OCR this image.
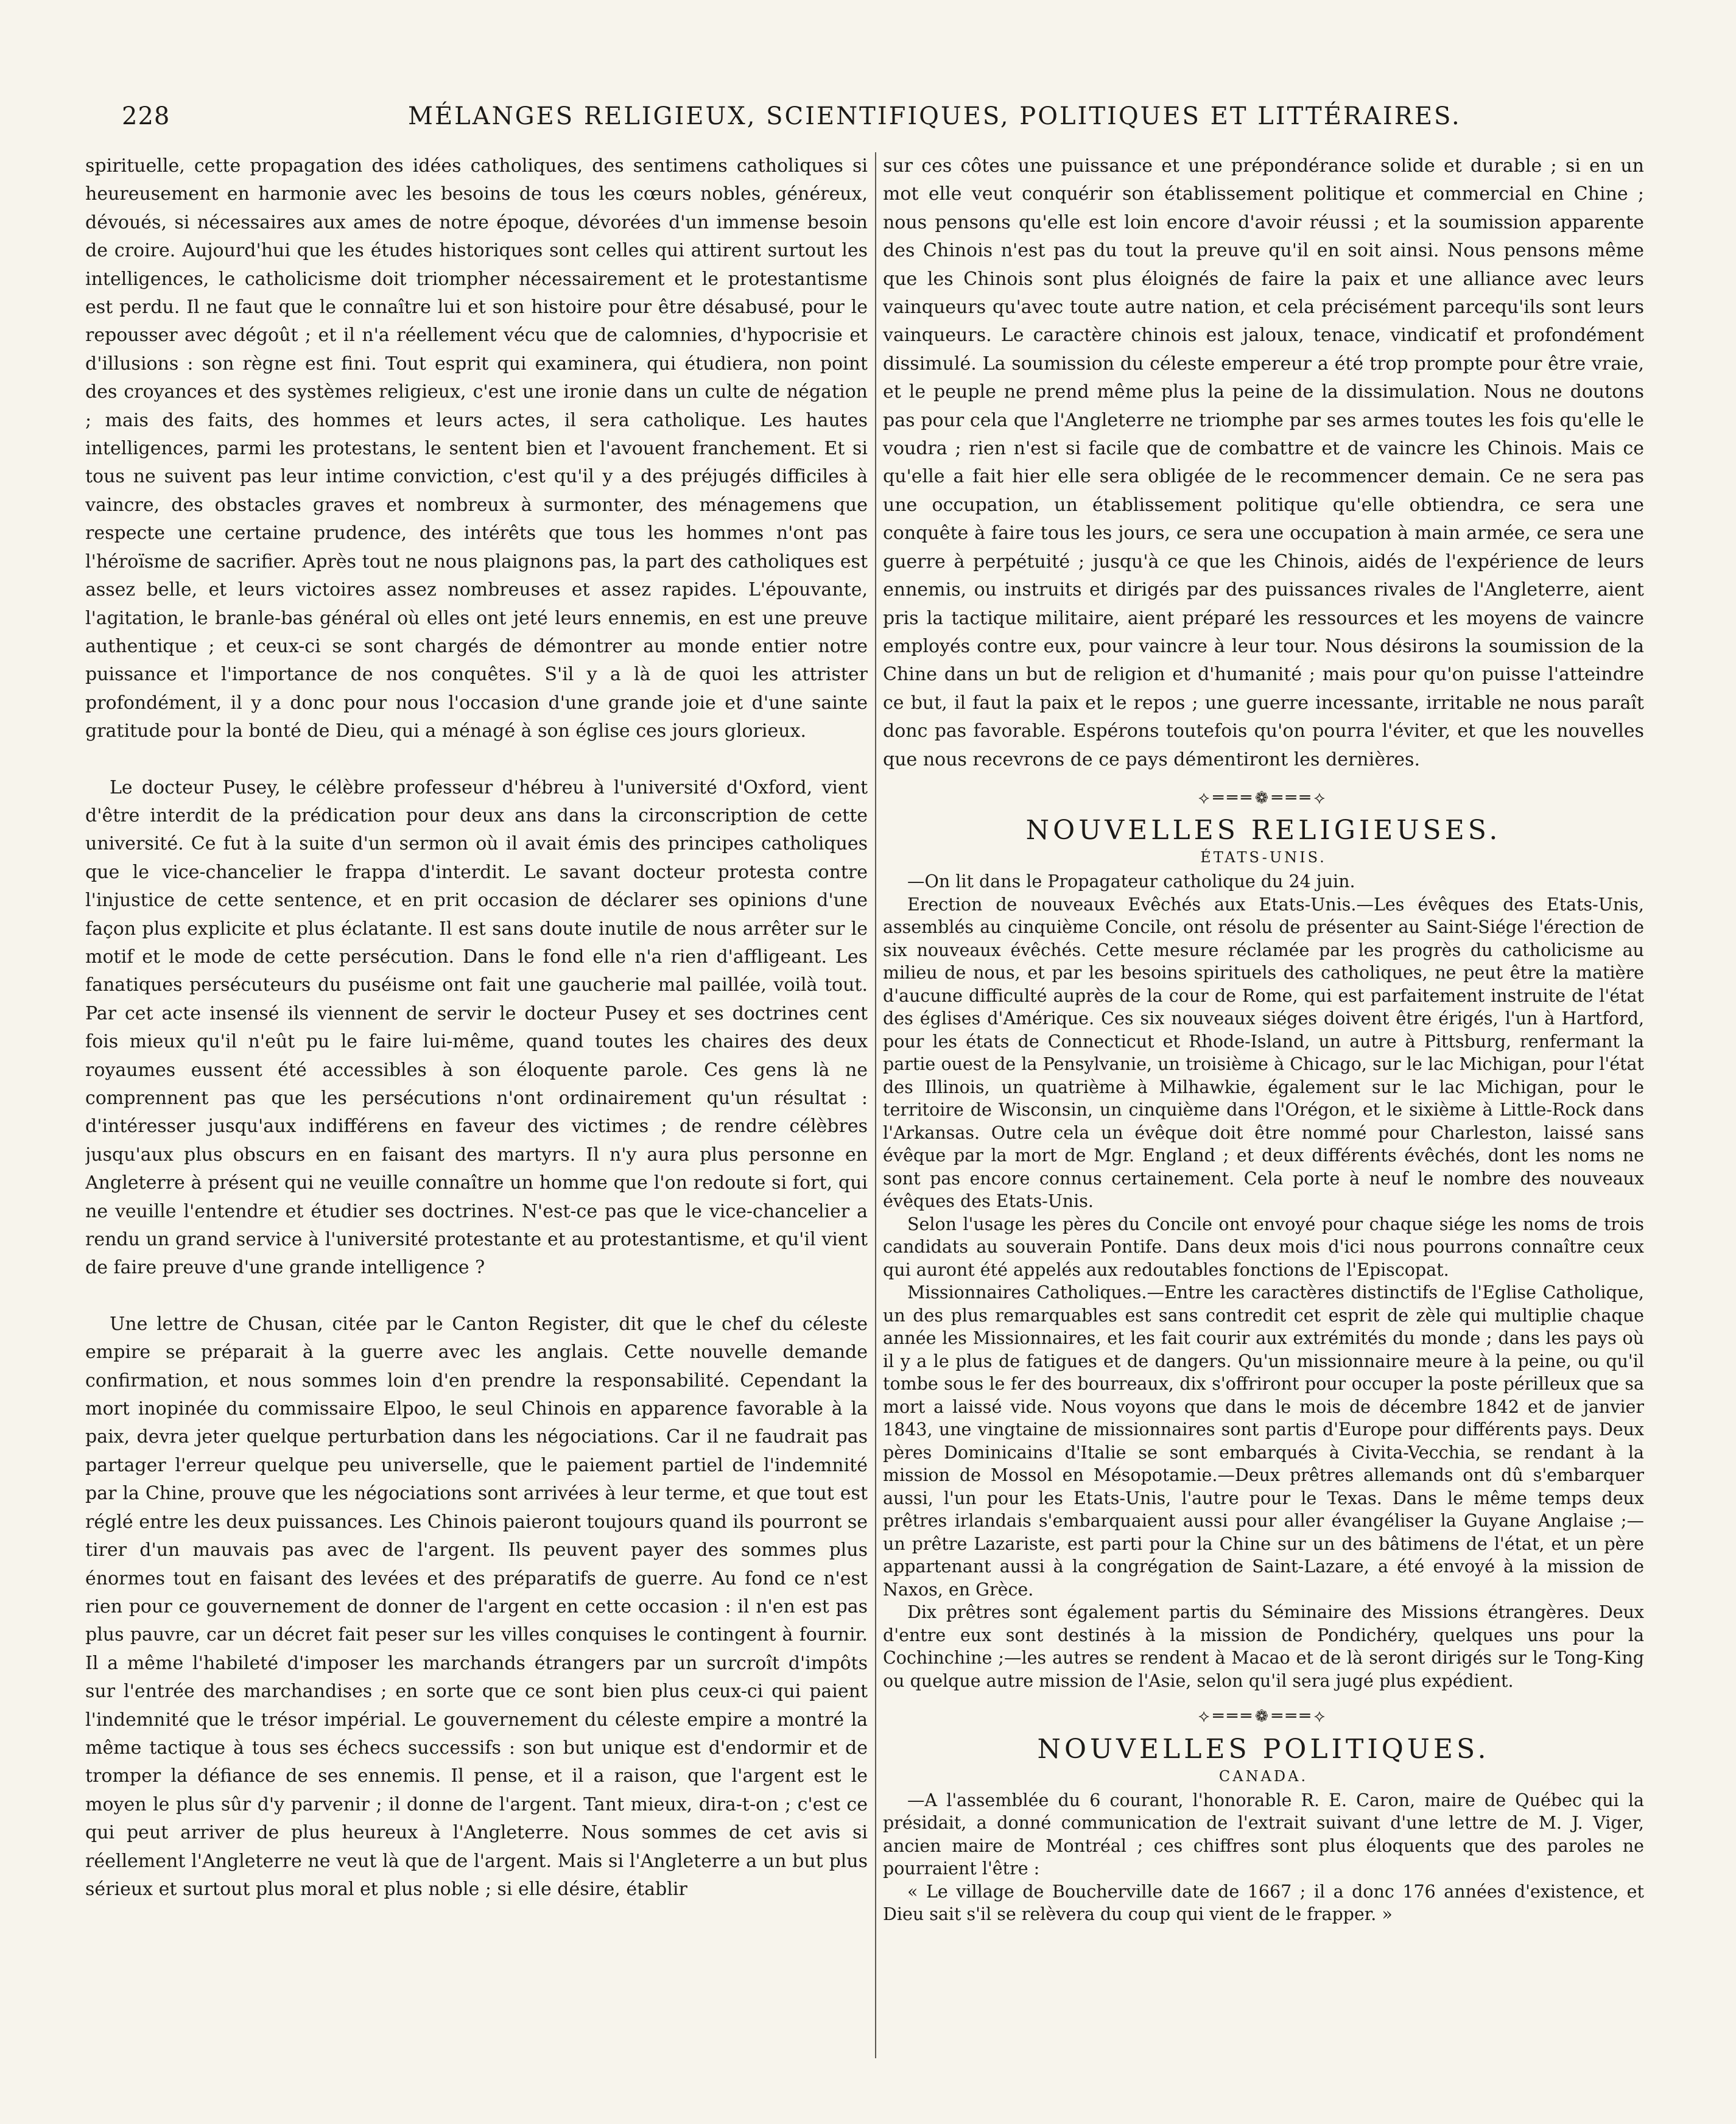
228	MÉLANGES RELIGIEUX, SCIENTIFIQUES, POLITIQUES ET LITTÉRAIRES.

spirituelle, cette propagation des idées catholiques, des sentimens catholiques si heureusement en harmonie avec les besoins de tous les cœurs nobles, généreux, dévoués, si nécessaires aux ames de notre époque, dévorées d'un immense besoin de croire. Aujourd'hui que les études historiques sont celles qui attirent surtout les intelligences, le catholicisme doit triompher nécessairement et le protestantisme est perdu. Il ne faut que le connaître lui et son histoire pour être désabusé, pour le repousser avec dégoût ; et il n'a réellement vécu que de calomnies, d'hypocrisie et d'illusions : son règne est fini. Tout esprit qui examinera, qui étudiera, non point des croyances et des systèmes religieux, c'est une ironie dans un culte de négation ; mais des faits, des hommes et leurs actes, il sera catholique. Les hautes intelligences, parmi les protestans, le sentent bien et l'avouent franchement. Et si tous ne suivent pas leur intime conviction, c'est qu'il y a des préjugés difficiles à vaincre, des obstacles graves et nombreux à surmonter, des ménagemens que respecte une certaine prudence, des intérêts que tous les hommes n'ont pas l'héroïsme de sacrifier. Après tout ne nous plaignons pas, la part des catholiques est assez belle, et leurs victoires assez nombreuses et assez rapides. L'épouvante, l'agitation, le branle-bas général où elles ont jeté leurs ennemis, en est une preuve authentique ; et ceux-ci se sont chargés de démontrer au monde entier notre puissance et l'importance de nos conquêtes. S'il y a là de quoi les attrister profondément, il y a donc pour nous l'occasion d'une grande joie et d'une sainte gratitude pour la bonté de Dieu, qui a ménagé à son église ces jours glorieux.

Le docteur Pusey, le célèbre professeur d'hébreu à l'université d'Oxford, vient d'être interdit de la prédication pour deux ans dans la circonscription de cette université. Ce fut à la suite d'un sermon où il avait émis des principes catholiques que le vice-chancelier le frappa d'interdit. Le savant docteur protesta contre l'injustice de cette sentence, et en prit occasion de déclarer ses opinions d'une façon plus explicite et plus éclatante. Il est sans doute inutile de nous arrêter sur le motif et le mode de cette persécution. Dans le fond elle n'a rien d'affligeant. Les fanatiques persécuteurs du puséisme ont fait une gaucherie mal paillée, voilà tout. Par cet acte insensé ils viennent de servir le docteur Pusey et ses doctrines cent fois mieux qu'il n'eût pu le faire lui-même, quand toutes les chaires des deux royaumes eussent été accessibles à son éloquente parole. Ces gens là ne comprennent pas que les persécutions n'ont ordinairement qu'un résultat : d'intéresser jusqu'aux indifférens en faveur des victimes ; de rendre célèbres jusqu'aux plus obscurs en en faisant des martyrs. Il n'y aura plus personne en Angleterre à présent qui ne veuille connaître un homme que l'on redoute si fort, qui ne veuille l'entendre et étudier ses doctrines. N'est-ce pas que le vice-chancelier a rendu un grand service à l'université protestante et au protestantisme, et qu'il vient de faire preuve d'une grande intelligence ?

Une lettre de Chusan, citée par le Canton Register, dit que le chef du céleste empire se préparait à la guerre avec les anglais. Cette nouvelle demande confirmation, et nous sommes loin d'en prendre la responsabilité. Cependant la mort inopinée du commissaire Elpoo, le seul Chinois en apparence favorable à la paix, devra jeter quelque perturbation dans les négociations. Car il ne faudrait pas partager l'erreur quelque peu universelle, que le paiement partiel de l'indemnité par la Chine, prouve que les négociations sont arrivées à leur terme, et que tout est réglé entre les deux puissances. Les Chinois paieront toujours quand ils pourront se tirer d'un mauvais pas avec de l'argent. Ils peuvent payer des sommes plus énormes tout en faisant des levées et des préparatifs de guerre. Au fond ce n'est rien pour ce gouvernement de donner de l'argent en cette occasion : il n'en est pas plus pauvre, car un décret fait peser sur les villes conquises le contingent à fournir. Il a même l'habileté d'imposer les marchands étrangers par un surcroît d'impôts sur l'entrée des marchandises ; en sorte que ce sont bien plus ceux-ci qui paient l'indemnité que le trésor impérial. Le gouvernement du céleste empire a montré la même tactique à tous ses échecs successifs : son but unique est d'endormir et de tromper la défiance de ses ennemis. Il pense, et il a raison, que l'argent est le moyen le plus sûr d'y parvenir ; il donne de l'argent. Tant mieux, dira-t-on ; c'est ce qui peut arriver de plus heureux à l'Angleterre. Nous sommes de cet avis si réellement l'Angleterre ne veut là que de l'argent. Mais si l'Angleterre a un but plus sérieux et surtout plus moral et plus noble ; si elle désire, établir

sur ces côtes une puissance et une prépondérance solide et durable ; si en un mot elle veut conquérir son établissement politique et commercial en Chine ; nous pensons qu'elle est loin encore d'avoir réussi ; et la soumission apparente des Chinois n'est pas du tout la preuve qu'il en soit ainsi. Nous pensons même que les Chinois sont plus éloignés de faire la paix et une alliance avec leurs vainqueurs qu'avec toute autre nation, et cela précisément parcequ'ils sont leurs vainqueurs. Le caractère chinois est jaloux, tenace, vindicatif et profondément dissimulé. La soumission du céleste empereur a été trop prompte pour être vraie, et le peuple ne prend même plus la peine de la dissimulation. Nous ne doutons pas pour cela que l'Angleterre ne triomphe par ses armes toutes les fois qu'elle le voudra ; rien n'est si facile que de combattre et de vaincre les Chinois. Mais ce qu'elle a fait hier elle sera obligée de le recommencer demain. Ce ne sera pas une occupation, un établissement politique qu'elle obtiendra, ce sera une conquête à faire tous les jours, ce sera une occupation à main armée, ce sera une guerre à perpétuité ; jusqu'à ce que les Chinois, aidés de l'expérience de leurs ennemis, ou instruits et dirigés par des puissances rivales de l'Angleterre, aient pris la tactique militaire, aient préparé les ressources et les moyens de vaincre employés contre eux, pour vaincre à leur tour. Nous désirons la soumission de la Chine dans un but de religion et d'humanité ; mais pour qu'on puisse l'atteindre ce but, il faut la paix et le repos ; une guerre incessante, irritable ne nous paraît donc pas favorable. Espérons toutefois qu'on pourra l'éviter, et que les nouvelles que nous recevrons de ce pays démentiront les dernières.

⟡═══❁═══⟡
NOUVELLES RELIGIEUSES.
ÉTATS-UNIS.

—On lit dans le Propagateur catholique du 24 juin.

Erection de nouveaux Evêchés aux Etats-Unis.—Les évêques des Etats-Unis, assemblés au cinquième Concile, ont résolu de présenter au Saint-Siége l'érection de six nouveaux évêchés. Cette mesure réclamée par les progrès du catholicisme au milieu de nous, et par les besoins spirituels des catholiques, ne peut être la matière d'aucune difficulté auprès de la cour de Rome, qui est parfaitement instruite de l'état des églises d'Amérique. Ces six nouveaux siéges doivent être érigés, l'un à Hartford, pour les états de Connecticut et Rhode-Island, un autre à Pittsburg, renfermant la partie ouest de la Pensylvanie, un troisième à Chicago, sur le lac Michigan, pour l'état des Illinois, un quatrième à Milhawkie, également sur le lac Michigan, pour le territoire de Wisconsin, un cinquième dans l'Orégon, et le sixième à Little-Rock dans l'Arkansas. Outre cela un évêque doit être nommé pour Charleston, laissé sans évêque par la mort de Mgr. England ; et deux différents évêchés, dont les noms ne sont pas encore connus certainement. Cela porte à neuf le nombre des nouveaux évêques des Etats-Unis.

Selon l'usage les pères du Concile ont envoyé pour chaque siége les noms de trois candidats au souverain Pontife. Dans deux mois d'ici nous pourrons connaître ceux qui auront été appelés aux redoutables fonctions de l'Episcopat.

Missionnaires Catholiques.—Entre les caractères distinctifs de l'Eglise Catholique, un des plus remarquables est sans contredit cet esprit de zèle qui multiplie chaque année les Missionnaires, et les fait courir aux extrémités du monde ; dans les pays où il y a le plus de fatigues et de dangers. Qu'un missionnaire meure à la peine, ou qu'il tombe sous le fer des bourreaux, dix s'offriront pour occuper la poste périlleux que sa mort a laissé vide. Nous voyons que dans le mois de décembre 1842 et de janvier 1843, une vingtaine de missionnaires sont partis d'Europe pour différents pays. Deux pères Dominicains d'Italie se sont embarqués à Civita-Vecchia, se rendant à la mission de Mossol en Mésopotamie.—Deux prêtres allemands ont dû s'embarquer aussi, l'un pour les Etats-Unis, l'autre pour le Texas. Dans le même temps deux prêtres irlandais s'embarquaient aussi pour aller évangéliser la Guyane Anglaise ;—un prêtre Lazariste, est parti pour la Chine sur un des bâtimens de l'état, et un père appartenant aussi à la congrégation de Saint-Lazare, a été envoyé à la mission de Naxos, en Grèce.

Dix prêtres sont également partis du Séminaire des Missions étrangères. Deux d'entre eux sont destinés à la mission de Pondichéry, quelques uns pour la Cochinchine ;—les autres se rendent à Macao et de là seront dirigés sur le Tong-King ou quelque autre mission de l'Asie, selon qu'il sera jugé plus expédient.

⟡═══❁═══⟡
NOUVELLES POLITIQUES.
CANADA.

—A l'assemblée du 6 courant, l'honorable R. E. Caron, maire de Québec qui la présidait, a donné communication de l'extrait suivant d'une lettre de M. J. Viger, ancien maire de Montréal ; ces chiffres sont plus éloquents que des paroles ne pourraient l'être :

« Le village de Boucherville date de 1667 ; il a donc 176 années d'existence, et Dieu sait s'il se relèvera du coup qui vient de le frapper. »
